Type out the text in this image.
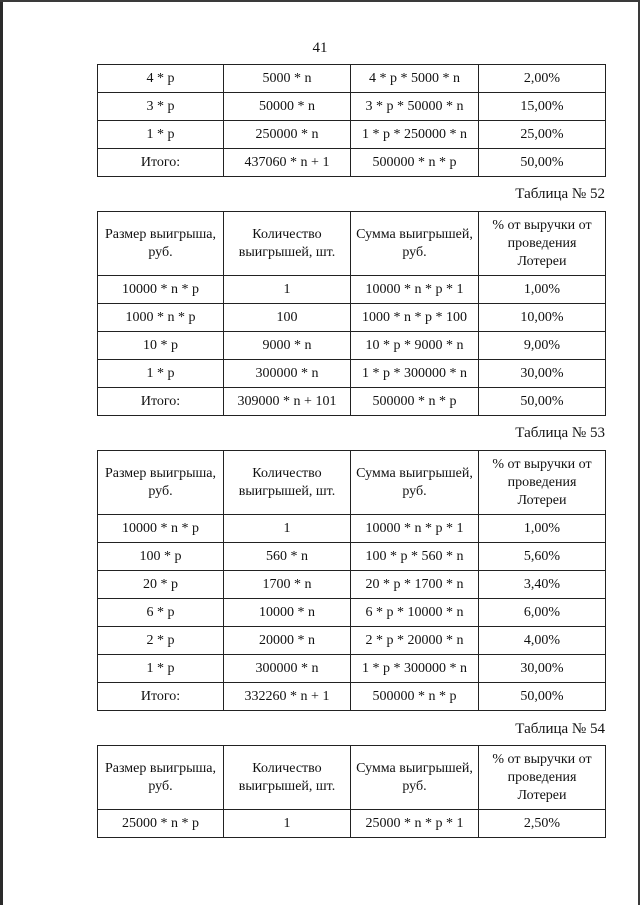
41
4 * p	5000 * n	4 * p * 5000 * n	2,00%
3 * p	50000 * n	3 * p * 50000 * n	15,00%
1 * p	250000 * n	1 * p * 250000 * n	25,00%
Итого:	437060 * n + 1	500000 * n * p	50,00%
Таблица № 52
Размер выигрыша, руб.	Количество выигрышей, шт.	Сумма выигрышей, руб.	% от выручки от проведения Лотереи
10000 * n * p	1	10000 * n * p * 1	1,00%
1000 * n * p	100	1000 * n * p * 100	10,00%
10 * p	9000 * n	10 * p * 9000 * n	9,00%
1 * p	300000 * n	1 * p * 300000 * n	30,00%
Итого:	309000 * n + 101	500000 * n * p	50,00%
Таблица № 53
Размер выигрыша, руб.	Количество выигрышей, шт.	Сумма выигрышей, руб.	% от выручки от проведения Лотереи
10000 * n * p	1	10000 * n * p * 1	1,00%
100 * p	560 * n	100 * p * 560 * n	5,60%
20 * p	1700 * n	20 * p * 1700 * n	3,40%
6 * p	10000 * n	6 * p * 10000 * n	6,00%
2 * p	20000 * n	2 * p * 20000 * n	4,00%
1 * p	300000 * n	1 * p * 300000 * n	30,00%
Итого:	332260 * n + 1	500000 * n * p	50,00%
Таблица № 54
Размер выигрыша, руб.	Количество выигрышей, шт.	Сумма выигрышей, руб.	% от выручки от проведения Лотереи
25000 * n * p	1	25000 * n * p * 1	2,50%
